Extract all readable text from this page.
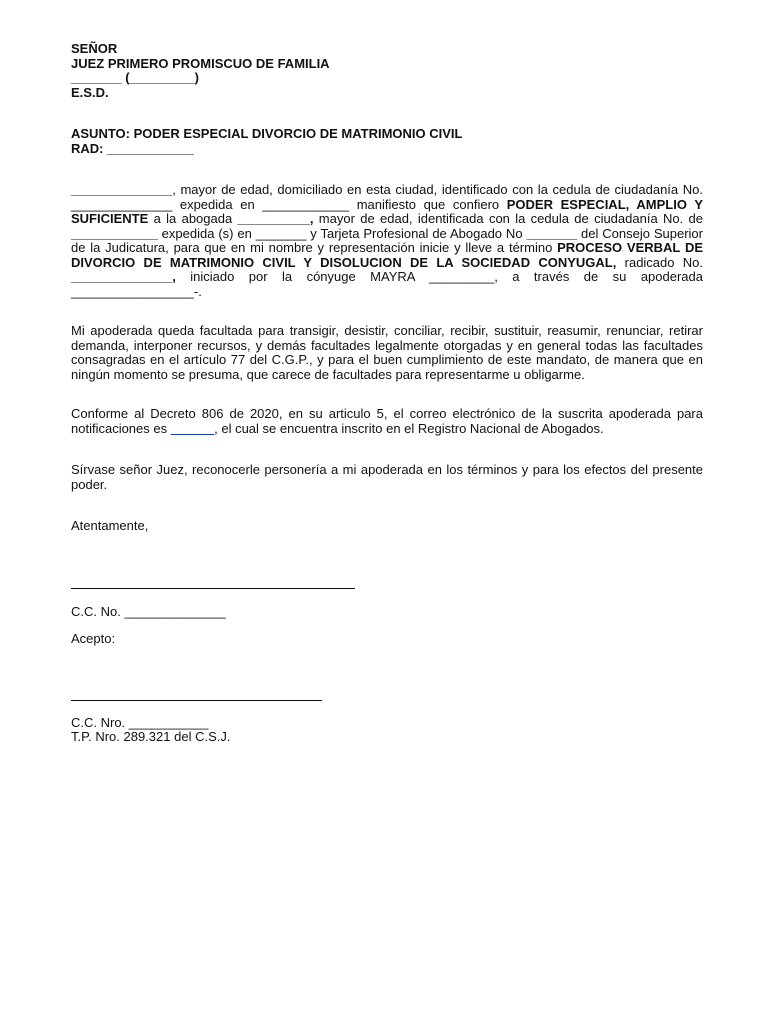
SEÑOR
JUEZ PRIMERO PROMISCUO DE FAMILIA
_______ (_________)
E.S.D.
ASUNTO: PODER ESPECIAL DIVORCIO DE MATRIMONIO CIVIL
RAD: ____________

______________, mayor de edad, domiciliado en esta ciudad, identificado con la cedula de ciudadanía No. ______________ expedida en ____________ manifiesto que confiero PODER ESPECIAL, AMPLIO Y SUFICIENTE a la abogada __________, mayor de edad, identificada con la cedula de ciudadanía No. de ____________ expedida (s) en _______ y Tarjeta Profesional de Abogado No _______ del Consejo Superior de la Judicatura, para que en mi nombre y representación inicie y lleve a término PROCESO VERBAL DE DIVORCIO DE MATRIMONIO CIVIL Y DISOLUCION DE LA SOCIEDAD CONYUGAL, radicado No. ______________, iniciado por la cónyuge MAYRA _________, a través de su apoderada _________________-.

Mi apoderada queda facultada para transigir, desistir, conciliar, recibir, sustituir, reasumir, renunciar, retirar demanda, interponer recursos, y demás facultades legalmente otorgadas y en general todas las facultades consagradas en el artículo 77 del C.G.P., y para el buen cumplimiento de este mandato, de manera que en ningún momento se presuma, que carece de facultades para representarme u obligarme.

Conforme al Decreto 806 de 2020, en su articulo 5, el correo electrónico de la suscrita apoderada para notificaciones es ______, el cual se encuentra inscrito en el Registro Nacional de Abogados.

Sírvase señor Juez, reconocerle personería a mi apoderada en los términos y para los efectos del presente poder.

Atentamente,
C.C. No. ______________
Acepto:
C.C. Nro. ___________
T.P. Nro. 289.321 del C.S.J.
